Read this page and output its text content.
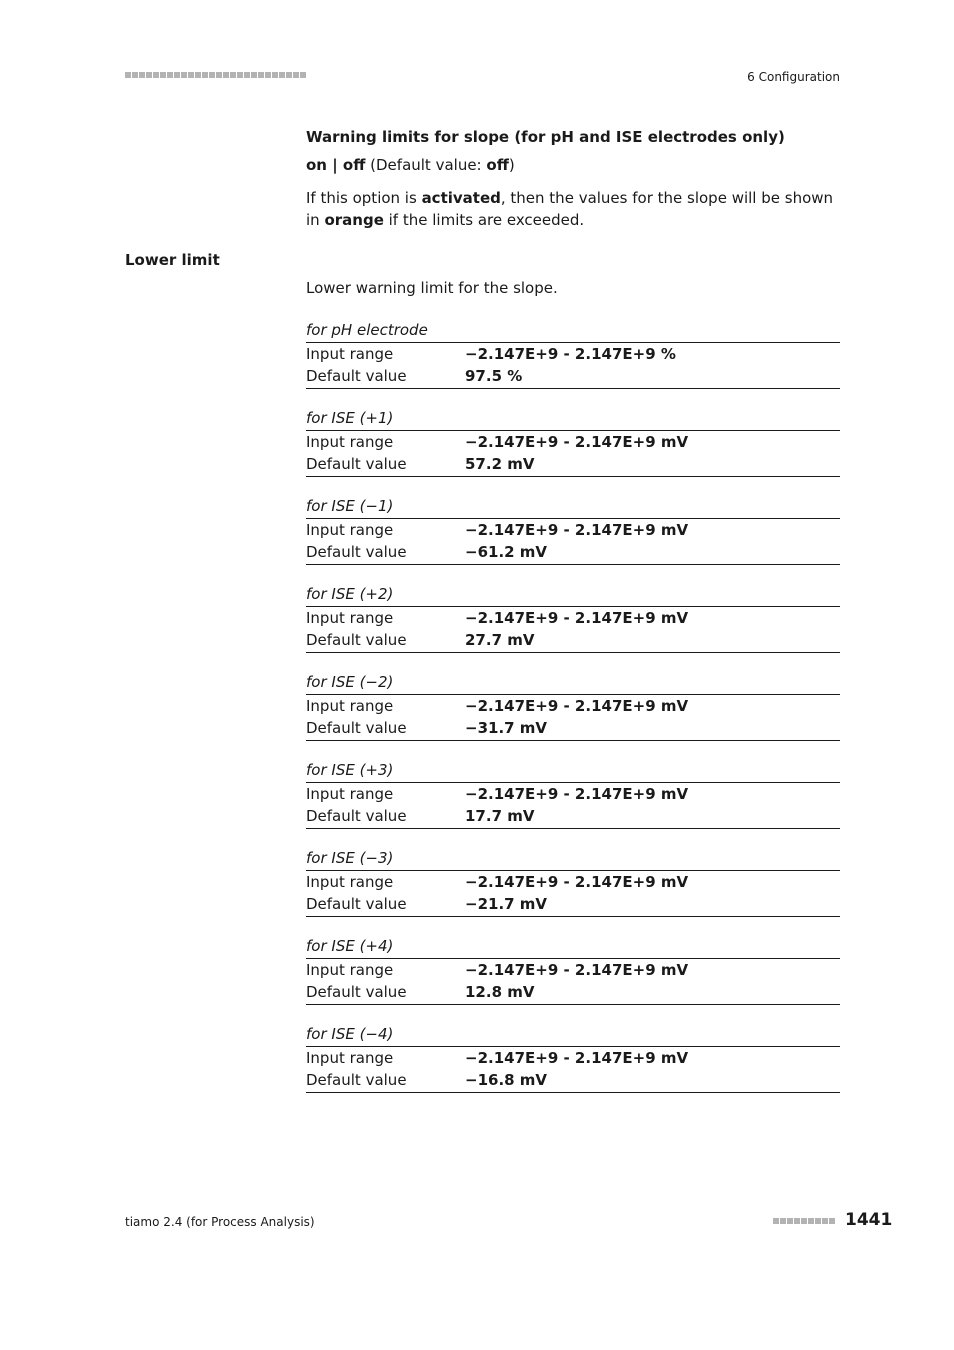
6 Configuration
Warning limits for slope (for pH and ISE electrodes only)
on | off (Default value: off)
If this option is activated, then the values for the slope will be shown in orange if the limits are exceeded.
Lower limit
Lower warning limit for the slope.
for pH electrode
Input range	−2.147E+9 - 2.147E+9 %
Default value	97.5 %
for ISE (+1)
Input range	−2.147E+9 - 2.147E+9 mV
Default value	57.2 mV
for ISE (−1)
Input range	−2.147E+9 - 2.147E+9 mV
Default value	−61.2 mV
for ISE (+2)
Input range	−2.147E+9 - 2.147E+9 mV
Default value	27.7 mV
for ISE (−2)
Input range	−2.147E+9 - 2.147E+9 mV
Default value	−31.7 mV
for ISE (+3)
Input range	−2.147E+9 - 2.147E+9 mV
Default value	17.7 mV
for ISE (−3)
Input range	−2.147E+9 - 2.147E+9 mV
Default value	−21.7 mV
for ISE (+4)
Input range	−2.147E+9 - 2.147E+9 mV
Default value	12.8 mV
for ISE (−4)
Input range	−2.147E+9 - 2.147E+9 mV
Default value	−16.8 mV
tiamo 2.4 (for Process Analysis)	1441
